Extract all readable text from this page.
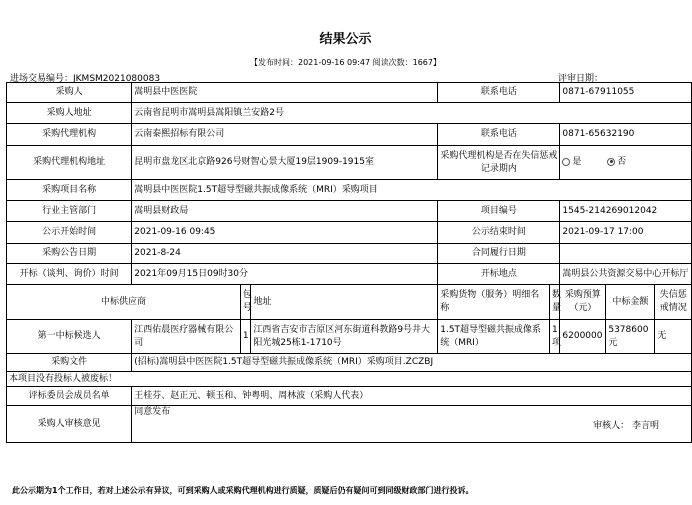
结果公示
【发布时间：2021-09-16 09:47 阅读次数：1667】
进场交易编号：JKMSM2021080083	评审日期：
采购人	嵩明县中医医院			联系电话		0871-67911055		
采购人地址	云南省昆明市嵩明县嵩阳镇兰安路2号							
采购代理机构	云南泰熙招标有限公司			联系电话		0871-65632190		
采购代理机构地址	昆明市盘龙区北京路926号财智心景大厦19层1909-1915室			采购代理机构是否在失信惩戒记录期内		是 否		
采购项目名称	嵩明县中医医院1.5T超导型磁共振成像系统（MRI）采购项目							
行业主管部门	嵩明县财政局			项目编号		1545-214269012042		
公示开始时间	2021-09-16 09:45			公示结束时间		2021-09-17 17:00		
采购公告日期	2021-8-24			合同履行日期				
开标（谈判、询价）时间	2021年09月15日09时30分			开标地点		嵩明县公共资源交易中心开标厅		
中标供应商		包号	地址	采购货物（服务）明细名称	数量	采购预算（元）	中标金额	失信惩戒情况
第一中标候选人	江西佑晨医疗器械有限公司	1	江西省吉安市吉原区河东街道科教路9号井大阳光城25栋1-1710号	1.5T超导型磁共振成像系统（MRI）	1项	6200000	5378600元	无
采购文件	(招标)嵩明县中医医院1.5T超导型磁共振成像系统（MRI）采购项目.ZCZBJ							
本项目没有投标人被废标！								
评标委员会成员名单	王桂芬、赵正元、顿玉和、钟粤明、周林波（采购人代表）							
采购人审核意见	同意发布
审核人： 李言明							
此公示期为1个工作日，若对上述公示有异议，可到采购人或采购代理机构进行质疑，质疑后仍有疑问可到同级财政部门进行投诉。
